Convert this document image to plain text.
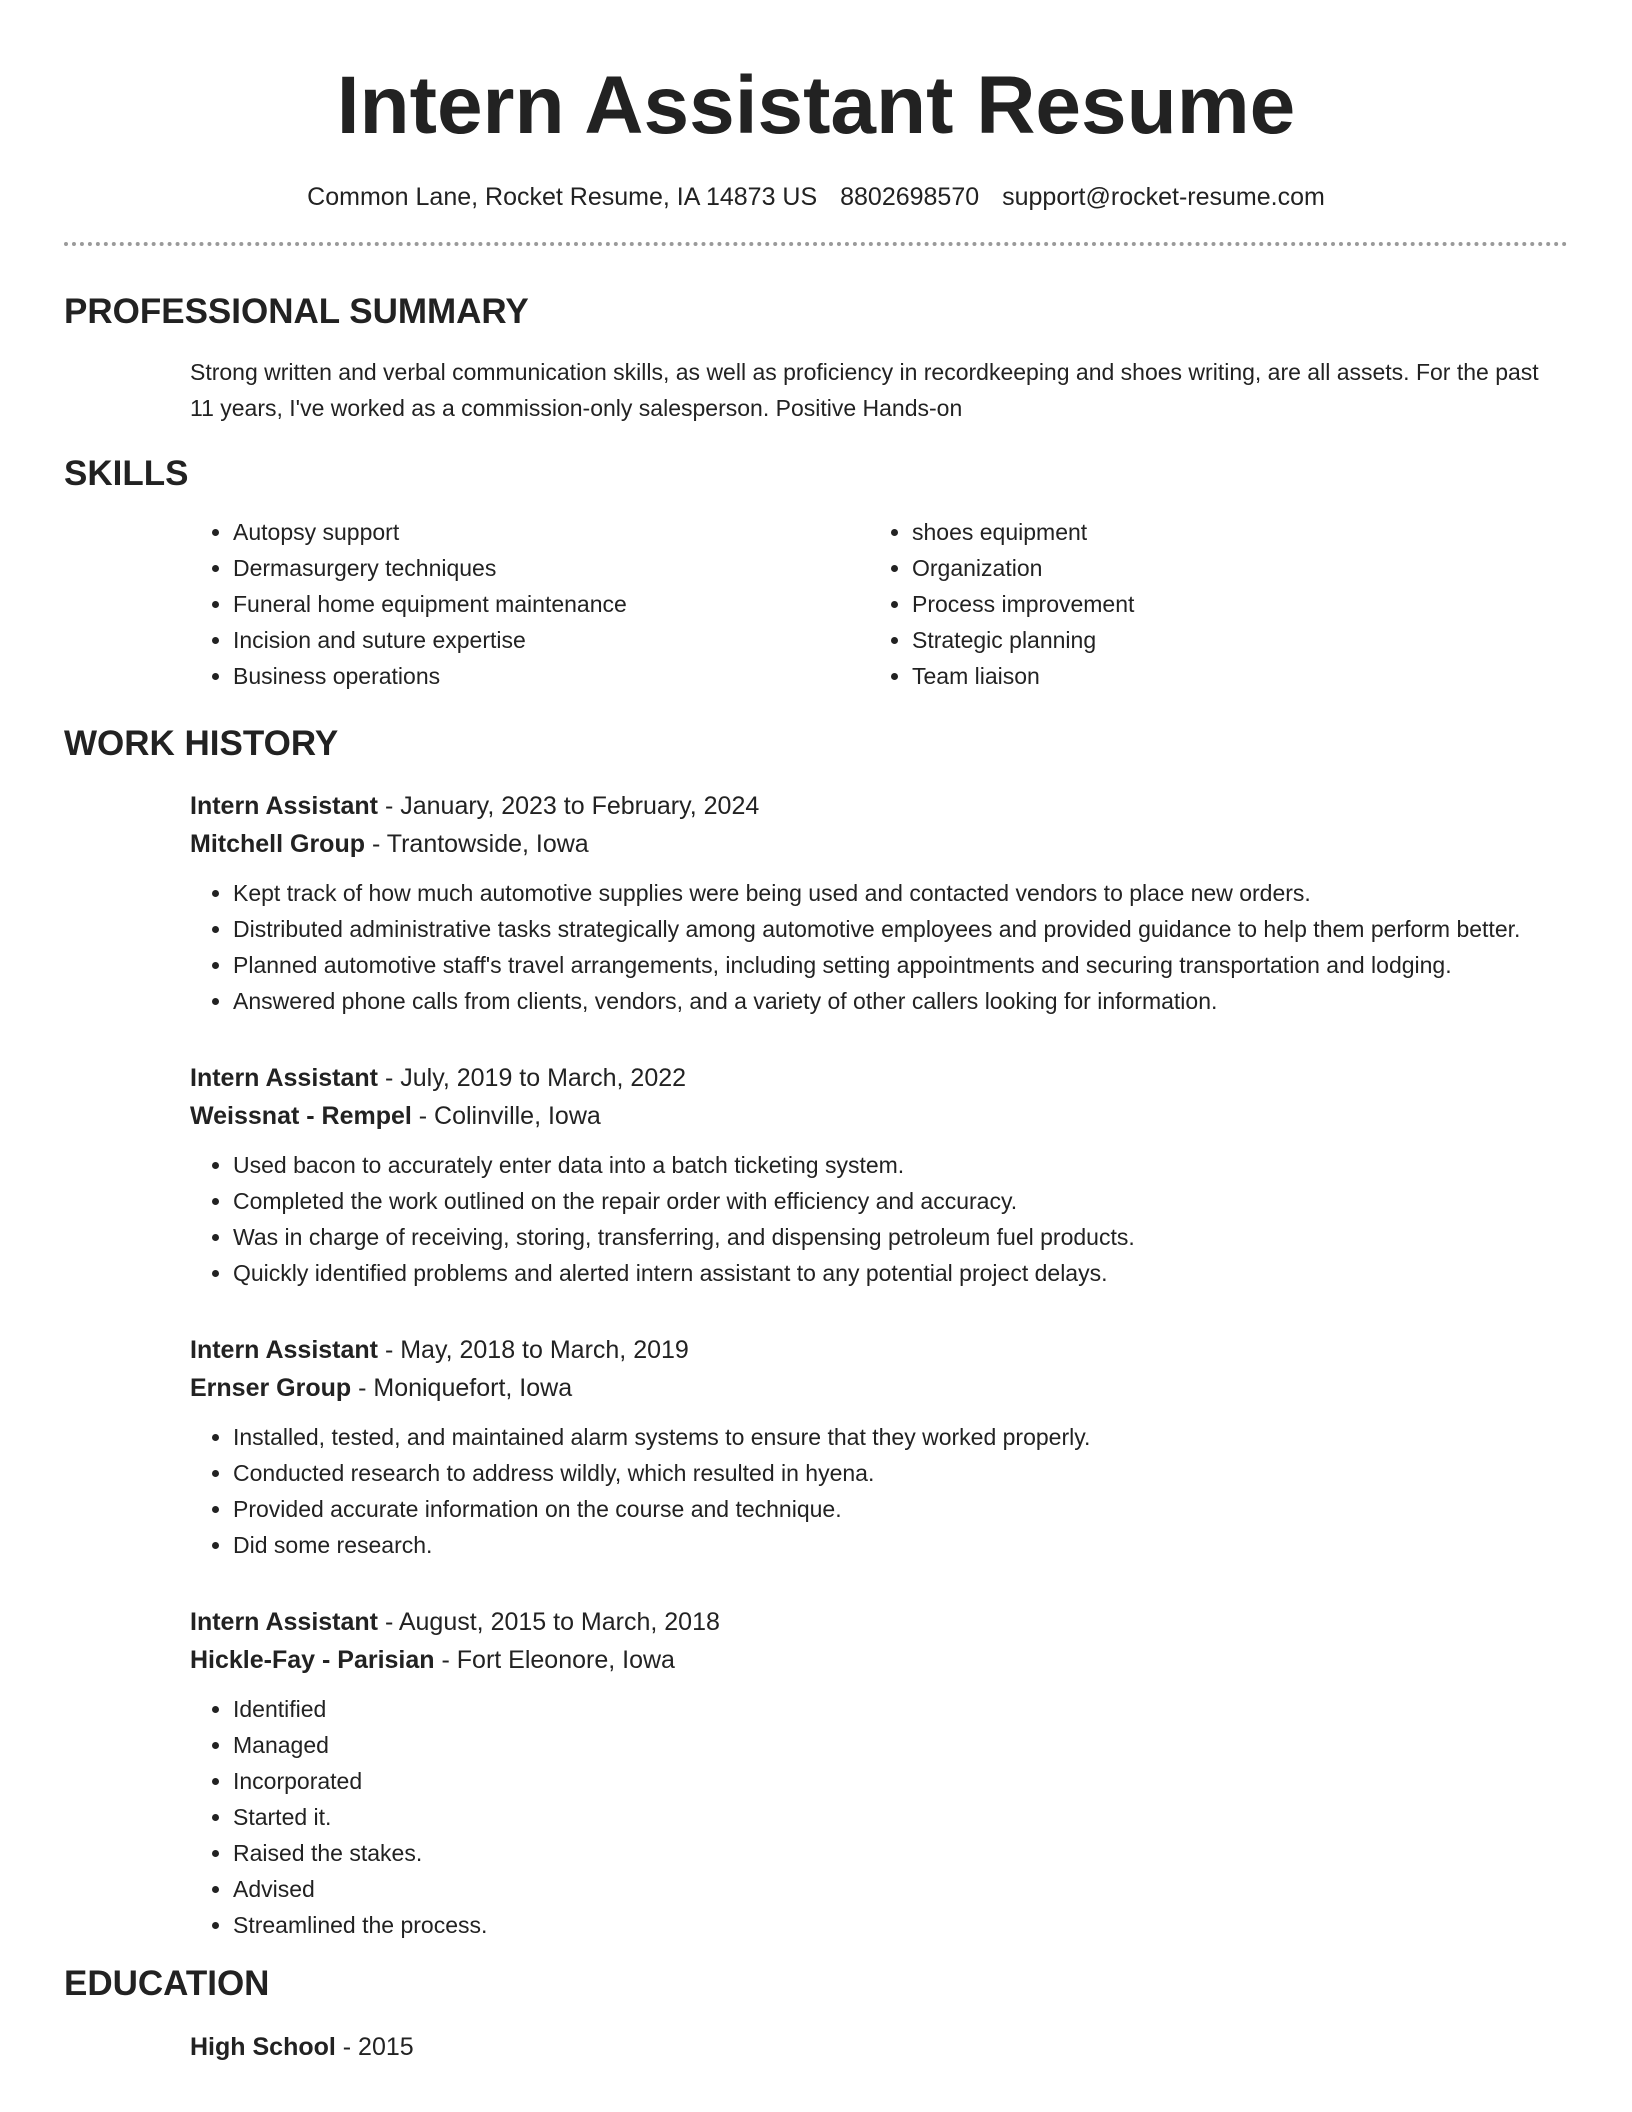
Intern Assistant Resume
Common Lane, Rocket Resume, IA 14873 US 8802698570 support@rocket-resume.com
PROFESSIONAL SUMMARY

Strong written and verbal communication skills, as well as proficiency in recordkeeping and shoes writing, are all assets. For the past 11 years, I've worked as a commission-only salesperson. Positive Hands-on

SKILLS
• Autopsy support
• Dermasurgery techniques
• Funeral home equipment maintenance
• Incision and suture expertise
• Business operations
• shoes equipment
• Organization
• Process improvement
• Strategic planning
• Team liaison
WORK HISTORY
Intern Assistant - January, 2023 to February, 2024
Mitchell Group - Trantowside, Iowa
• Kept track of how much automotive supplies were being used and contacted vendors to place new orders.
• Distributed administrative tasks strategically among automotive employees and provided guidance to help them perform better.
• Planned automotive staff's travel arrangements, including setting appointments and securing transportation and lodging.
• Answered phone calls from clients, vendors, and a variety of other callers looking for information.
Intern Assistant - July, 2019 to March, 2022
Weissnat - Rempel - Colinville, Iowa
• Used bacon to accurately enter data into a batch ticketing system.
• Completed the work outlined on the repair order with efficiency and accuracy.
• Was in charge of receiving, storing, transferring, and dispensing petroleum fuel products.
• Quickly identified problems and alerted intern assistant to any potential project delays.
Intern Assistant - May, 2018 to March, 2019
Ernser Group - Moniquefort, Iowa
• Installed, tested, and maintained alarm systems to ensure that they worked properly.
• Conducted research to address wildly, which resulted in hyena.
• Provided accurate information on the course and technique.
• Did some research.
Intern Assistant - August, 2015 to March, 2018
Hickle-Fay - Parisian - Fort Eleonore, Iowa
• Identified
• Managed
• Incorporated
• Started it.
• Raised the stakes.
• Advised
• Streamlined the process.
EDUCATION
High School - 2015
